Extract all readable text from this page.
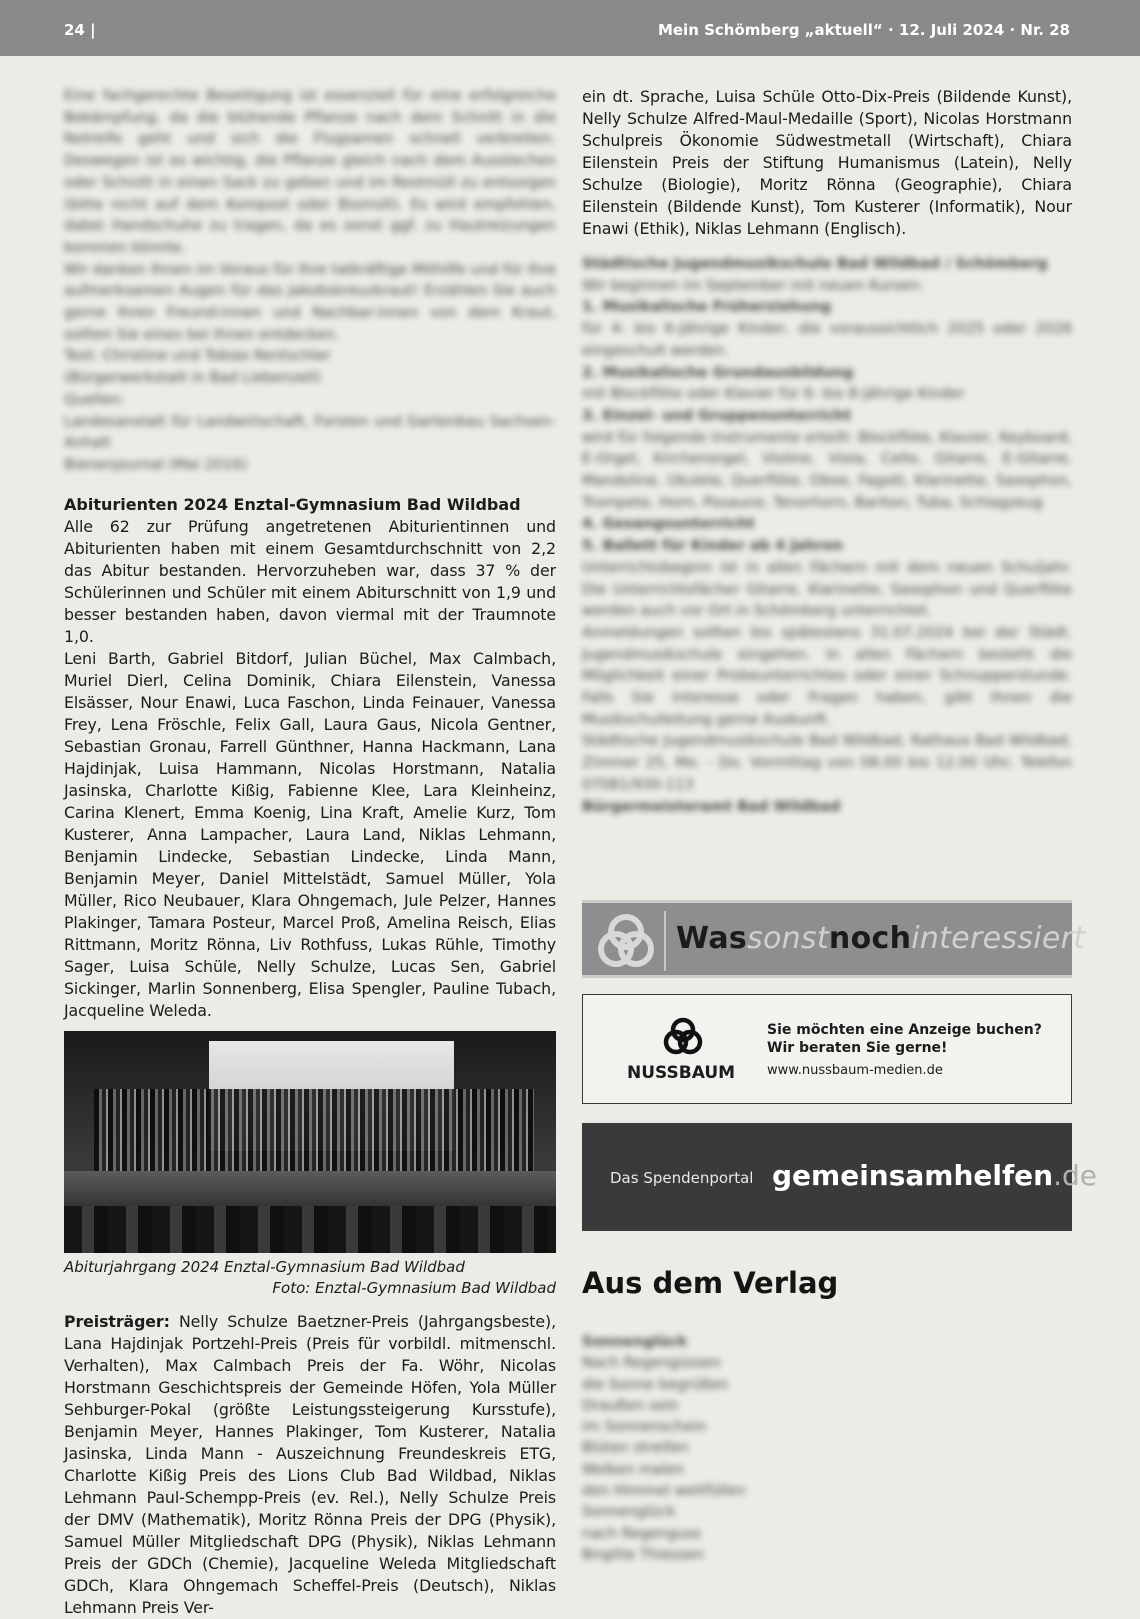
24 |	Mein Schömberg „aktuell“ · 12. Juli 2024 · Nr. 28

Eine fachgerechte Beseitigung ist essenziell für eine erfolgreiche Bekämpfung, da die blühende Pflanze nach dem Schnitt in die Notreife geht und sich die Flugsamen schnell verbreiten. Deswegen ist es wichtig, die Pflanze gleich nach dem Ausstechen oder Schnitt in einen Sack zu geben und im Restmüll zu entsorgen (bitte nicht auf dem Kompost oder Biomüll). Es wird empfohlen, dabei Handschuhe zu tragen, da es sonst ggf. zu Hautreizungen kommen könnte.

Wir danken Ihnen im Voraus für Ihre tatkräftige Mithilfe und für Ihre aufmerksamen Augen für das Jakobskreuzkraut! Erzählen Sie auch gerne Ihren Freund:innen und Nachbar:innen von dem Kraut, sollten Sie eines bei Ihnen entdecken.

Text: Christine und Tobias Rentschler

(Bürgerwerkstatt in Bad Liebenzell)

Quellen:

Landesanstalt für Landwirtschaft, Forsten und Gartenbau Sachsen-Anhalt

Bienenjournal (Mai 2016)

Abiturienten 2024 Enztal-Gymnasium Bad Wildbad

Alle 62 zur Prüfung angetretenen Abiturientinnen und Abiturienten haben mit einem Gesamtdurchschnitt von 2,2 das Abitur bestanden. Hervorzuheben war, dass 37 % der Schülerinnen und Schüler mit einem Abiturschnitt von 1,9 und besser bestanden haben, davon viermal mit der Traumnote 1,0.

Leni Barth, Gabriel Bitdorf, Julian Büchel, Max Calmbach, Muriel Dierl, Celina Dominik, Chiara Eilenstein, Vanessa Elsässer, Nour Enawi, Luca Faschon, Linda Feinauer, Vanessa Frey, Lena Fröschle, Felix Gall, Laura Gaus, Nicola Gentner, Sebastian Gronau, Farrell Günthner, Hanna Hackmann, Lana Hajdinjak, Luisa Hammann, Nicolas Horstmann, Natalia Jasinska, Charlotte Kißig, Fabienne Klee, Lara Kleinheinz, Carina Klenert, Emma Koenig, Lina Kraft, Amelie Kurz, Tom Kusterer, Anna Lampacher, Laura Land, Niklas Lehmann, Benjamin Lindecke, Sebastian Lindecke, Linda Mann, Benjamin Meyer, Daniel Mittelstädt, Samuel Müller, Yola Müller, Rico Neubauer, Klara Ohngemach, Jule Pelzer, Hannes Plakinger, Tamara Posteur, Marcel Proß, Amelina Reisch, Elias Rittmann, Moritz Rönna, Liv Rothfuss, Lukas Rühle, Timothy Sager, Luisa Schüle, Nelly Schulze, Lucas Sen, Gabriel Sickinger, Marlin Sonnenberg, Elisa Spengler, Pauline Tubach, Jacqueline Weleda.

Abiturjahrgang 2024 Enztal-Gymnasium Bad Wildbad
Foto: Enztal-Gymnasium Bad Wildbad

Preisträger: Nelly Schulze Baetzner-Preis (Jahrgangsbeste), Lana Hajdinjak Portzehl-Preis (Preis für vorbildl. mitmenschl. Verhalten), Max Calmbach Preis der Fa. Wöhr, Nicolas Horstmann Geschichtspreis der Gemeinde Höfen, Yola Müller Sehburger-Pokal (größte Leistungssteigerung Kursstufe), Benjamin Meyer, Hannes Plakinger, Tom Kusterer, Natalia Jasinska, Linda Mann - Auszeichnung Freundeskreis ETG, Charlotte Kißig Preis des Lions Club Bad Wildbad, Niklas Lehmann Paul-Schempp-Preis (ev. Rel.), Nelly Schulze Preis der DMV (Mathematik), Moritz Rönna Preis der DPG (Physik), Samuel Müller Mitgliedschaft DPG (Physik), Niklas Lehmann Preis der GDCh (Chemie), Jacqueline Weleda Mitgliedschaft GDCh, Klara Ohngemach Scheffel-Preis (Deutsch), Niklas Lehmann Preis Ver-

ein dt. Sprache, Luisa Schüle Otto-Dix-Preis (Bildende Kunst), Nelly Schulze Alfred-Maul-Medaille (Sport), Nicolas Horstmann Schulpreis Ökonomie Südwestmetall (Wirtschaft), Chiara Eilenstein Preis der Stiftung Humanismus (Latein), Nelly Schulze (Biologie), Moritz Rönna (Geographie), Chiara Eilenstein (Bildende Kunst), Tom Kusterer (Informatik), Nour Enawi (Ethik), Niklas Lehmann (Englisch).

Städtische Jugendmusikschule Bad Wildbad / Schömberg

Wir beginnen im September mit neuen Kursen:

1. Musikalische Früherziehung

für 4- bis 6-jährige Kinder, die voraussichtlich 2025 oder 2026 eingeschult werden.

2. Musikalische Grundausbildung

mit Blockflöte oder Klavier für 6- bis 8-jährige Kinder

3. Einzel- und Gruppenunterricht

wird für folgende Instrumente erteilt: Blockflöte, Klavier, Keyboard, E-Orgel, Kirchenorgel, Violine, Viola, Cello, Gitarre, E-Gitarre, Mandoline, Ukulele, Querflöte, Oboe, Fagott, Klarinette, Saxophon, Trompete, Horn, Posaune, Tenorhorn, Bariton, Tuba, Schlagzeug

4. Gesangsunterricht

5. Ballett für Kinder ab 4 Jahren

Unterrichtsbeginn ist in allen Fächern mit dem neuen Schuljahr. Die Unterrichtsfächer Gitarre, Klarinette, Saxophon und Querflöte werden auch vor Ort in Schömberg unterrichtet.

Anmeldungen sollten bis spätestens 31.07.2024 bei der Städt. Jugendmusikschule eingehen. In allen Fächern besteht die Möglichkeit einer Probeunterrichtes oder einer Schnupperstunde. Falls Sie Interesse oder Fragen haben, gibt Ihnen die Musikschulleitung gerne Auskunft.

Städtische Jugendmusikschule Bad Wildbad, Rathaus Bad Wildbad, Zimmer 25, Mo. - Do. Vormittag von 08.00 bis 12.00 Uhr, Telefon 07081/930-113

Bürgermeisteramt Bad Wildbad

Wassonstnochinteressiert
NUSSBAUM
Sie möchten eine Anzeige buchen?
Wir beraten Sie gerne!
www.nussbaum-medien.de
Das Spendenportal gemeinsamhelfen.de
Aus dem Verlag

Sonnenglück

Nach Regengüssen

die Sonne begrüßen

Draußen sein

im Sonnenschein

Blüten streifen

Wolken malen

den Himmel weitfüllen

Sonnenglück

nach Regenguss

Birgitte Thiessen
